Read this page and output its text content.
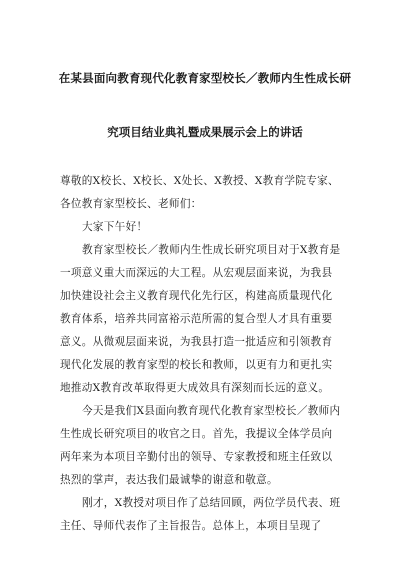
在某县面向教育现代化教育家型校长／教师内生性成长研
究项目结业典礼暨成果展示会上的讲话
尊敬的X校长、X校长、X处长、X教授、X教育学院专家、
各位教育家型校长、老师们：
大家下午好！
教育家型校长／教师内生性成长研究项目对于X教育是
一项意义重大而深远的大工程。从宏观层面来说，为我县
加快建设社会主义教育现代化先行区，构建高质量现代化
教育体系，培养共同富裕示范所需的复合型人才具有重要
意义。从微观层面来说，为我县打造一批适应和引领教育
现代化发展的教育家型的校长和教师，以更有力和更扎实
地推动X教育改革取得更大成效具有深刻而长远的意义。
今天是我们X县面向教育现代化教育家型校长／教师内
生性成长研究项目的收官之日。首先，我提议全体学员向
两年来为本项目辛勤付出的领导、专家教授和班主任致以
热烈的掌声，表达我们最诚挚的谢意和敬意。
刚才，X教授对项目作了总结回顾，两位学员代表、班
主任、导师代表作了主旨报告。总体上，本项目呈现了
